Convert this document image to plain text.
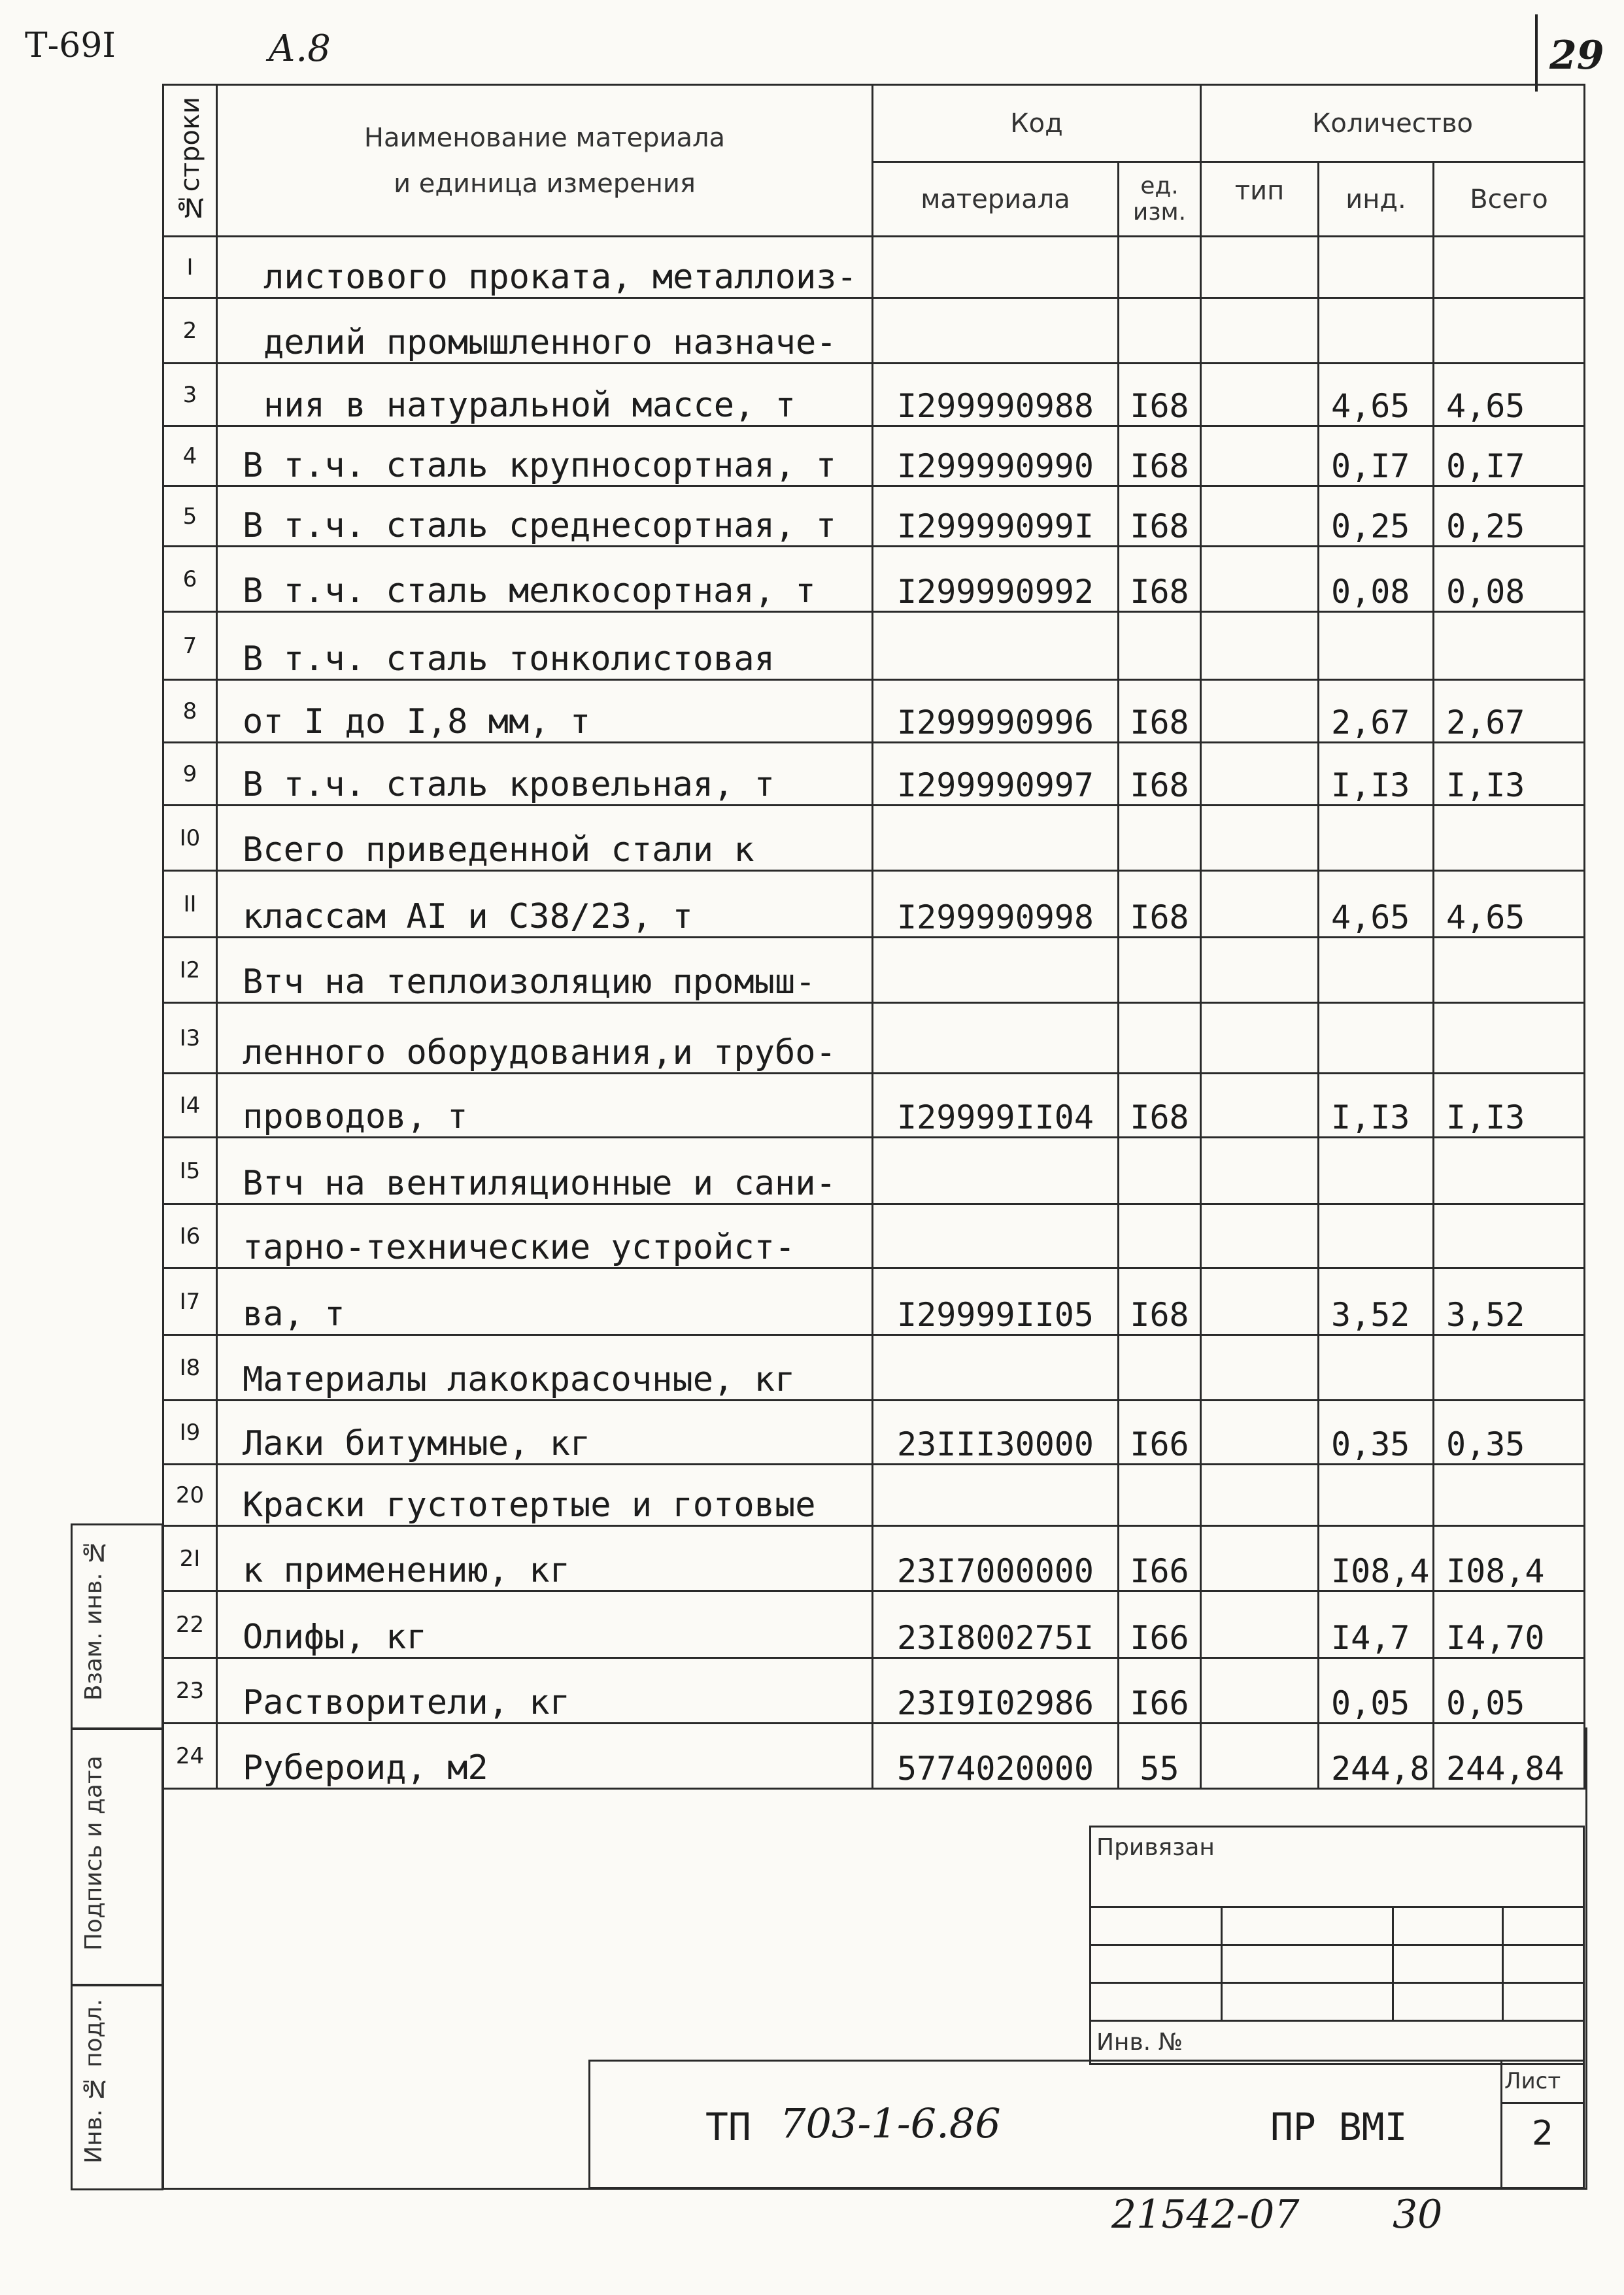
Т-69I	А.8	29
№строки	Наименование материала
и единица измерения	Код		Количество		
		материала	ед. изм.	тип	инд.	Всего
I	листового проката, металлоиз-					
2	делий промышленного назначе-					
3	ния в натуральной массе, т	I299990988	I68		4,65	4,65
4	В т.ч. сталь крупносортная, т	I299990990	I68		0,I7	0,I7
5	В т.ч. сталь среднесортная, т	I29999099I	I68		0,25	0,25
6	В т.ч. сталь мелкосортная, т	I299990992	I68		0,08	0,08
7	В т.ч. сталь тонколистовая					
8	от I до I,8 мм, т	I299990996	I68		2,67	2,67
9	В т.ч. сталь кровельная, т	I299990997	I68		I,I3	I,I3
I0	Всего приведенной стали к					
II	классам AI и С38/23, т	I299990998	I68		4,65	4,65
I2	Втч на теплоизоляцию промыш-					
I3	ленного оборудования,и трубо-					
I4	проводов, т	I29999II04	I68		I,I3	I,I3
I5	Втч на вентиляционные и сани-					
I6	тарно-технические устройст-					
I7	ва, т	I29999II05	I68		3,52	3,52
I8	Материалы лакокрасочные, кг					
I9	Лаки битумные, кг	23III30000	I66		0,35	0,35
20	Краски густотертые и готовые					
2I	к применению, кг	23I7000000	I66		I08,4	I08,4
22	Олифы, кг	23I800275I	I66		I4,7	I4,70
23	Растворители, кг	23I9I02986	I66		0,05	0,05
24	Рубероид, м2	5774020000	55		244,8	244,84
Взам. инв. №
Подпись и дата
Инв. № подл.
Привязан
Инв. №
ТП 703-1-6.86	ПР ВМI
Лист
2
21542-07 30
